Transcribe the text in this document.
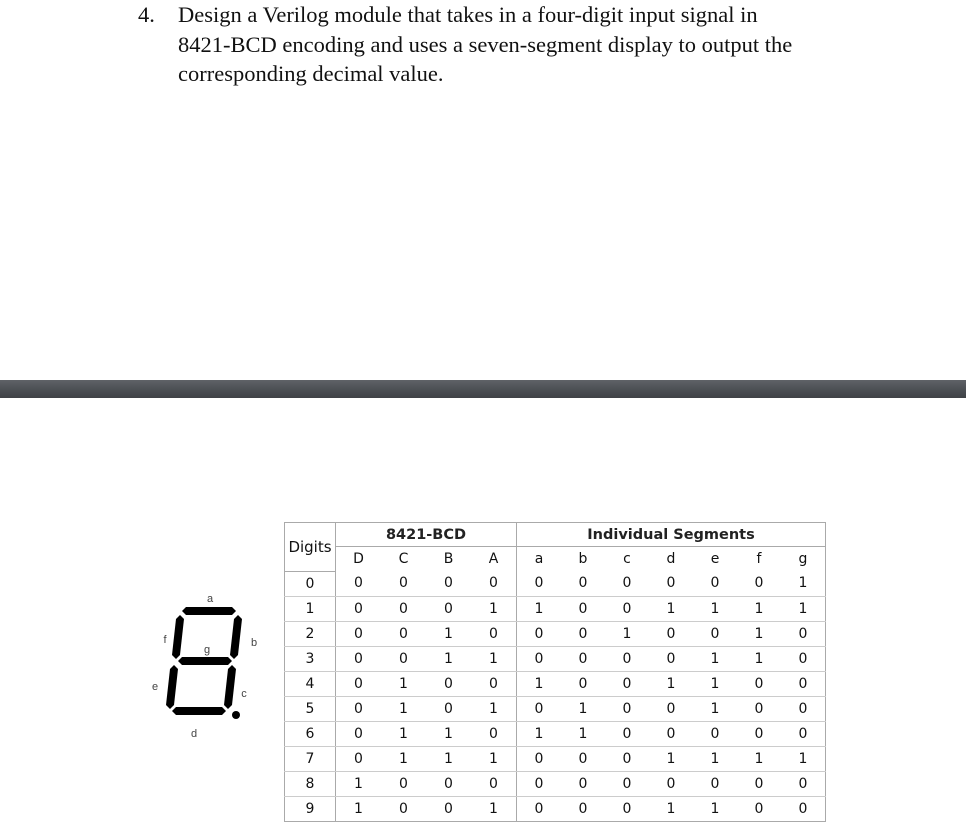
4. Design a Verilog module that takes in a four-digit input signal in
8421-BCD encoding and uses a seven-segment display to output the
corresponding decimal value.
a
b
c
d
e
f
g
Digits	8421-BCD				Individual Segments						
	D	C	B	A	a	b	c	d	e	f	g
0	0	0	0	0	0	0	0	0	0	0	1
1	0	0	0	1	1	0	0	1	1	1	1
2	0	0	1	0	0	0	1	0	0	1	0
3	0	0	1	1	0	0	0	0	1	1	0
4	0	1	0	0	1	0	0	1	1	0	0
5	0	1	0	1	0	1	0	0	1	0	0
6	0	1	1	0	1	1	0	0	0	0	0
7	0	1	1	1	0	0	0	1	1	1	1
8	1	0	0	0	0	0	0	0	0	0	0
9	1	0	0	1	0	0	0	1	1	0	0
